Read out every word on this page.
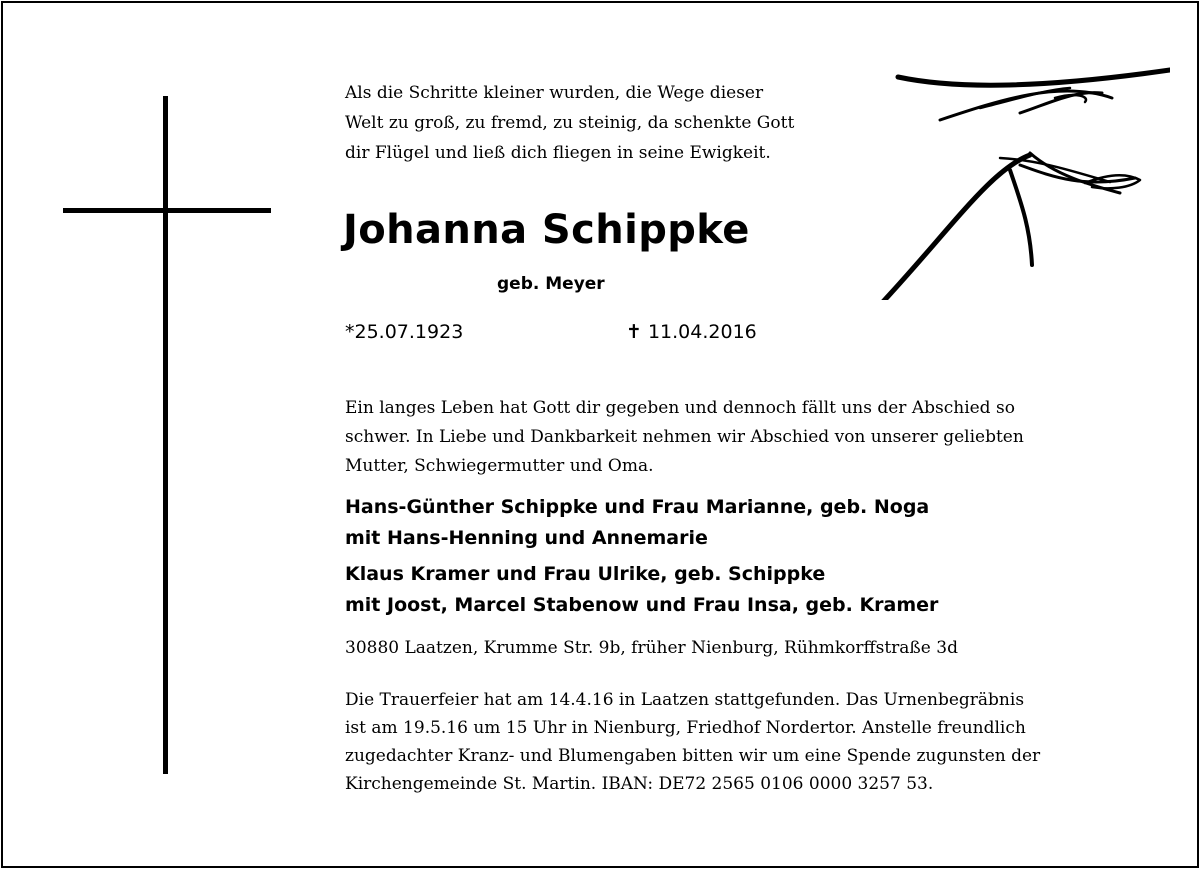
Als die Schritte kleiner wurden, die Wege dieser
Welt zu groß, zu fremd, zu steinig, da schenkte Gott
dir Flügel und ließ dich fliegen in seine Ewigkeit.
Johanna Schippke
geb. Meyer
*25.07.1923	✝ 11.04.2016
Ein langes Leben hat Gott dir gegeben und dennoch fällt uns der Abschied so
schwer. In Liebe und Dankbarkeit nehmen wir Abschied von unserer geliebten
Mutter, Schwiegermutter und Oma.
Hans-Günther Schippke und Frau Marianne, geb. Noga
mit Hans-Henning und Annemarie
Klaus Kramer und Frau Ulrike, geb. Schippke
mit Joost, Marcel Stabenow und Frau Insa, geb. Kramer
30880 Laatzen, Krumme Str. 9b, früher Nienburg, Rühmkorffstraße 3d
Die Trauerfeier hat am 14.4.16 in Laatzen stattgefunden. Das Urnenbegräbnis
ist am 19.5.16 um 15 Uhr in Nienburg, Friedhof Nordertor. Anstelle freundlich
zugedachter Kranz- und Blumengaben bitten wir um eine Spende zugunsten der
Kirchengemeinde St. Martin. IBAN: DE72 2565 0106 0000 3257 53.
